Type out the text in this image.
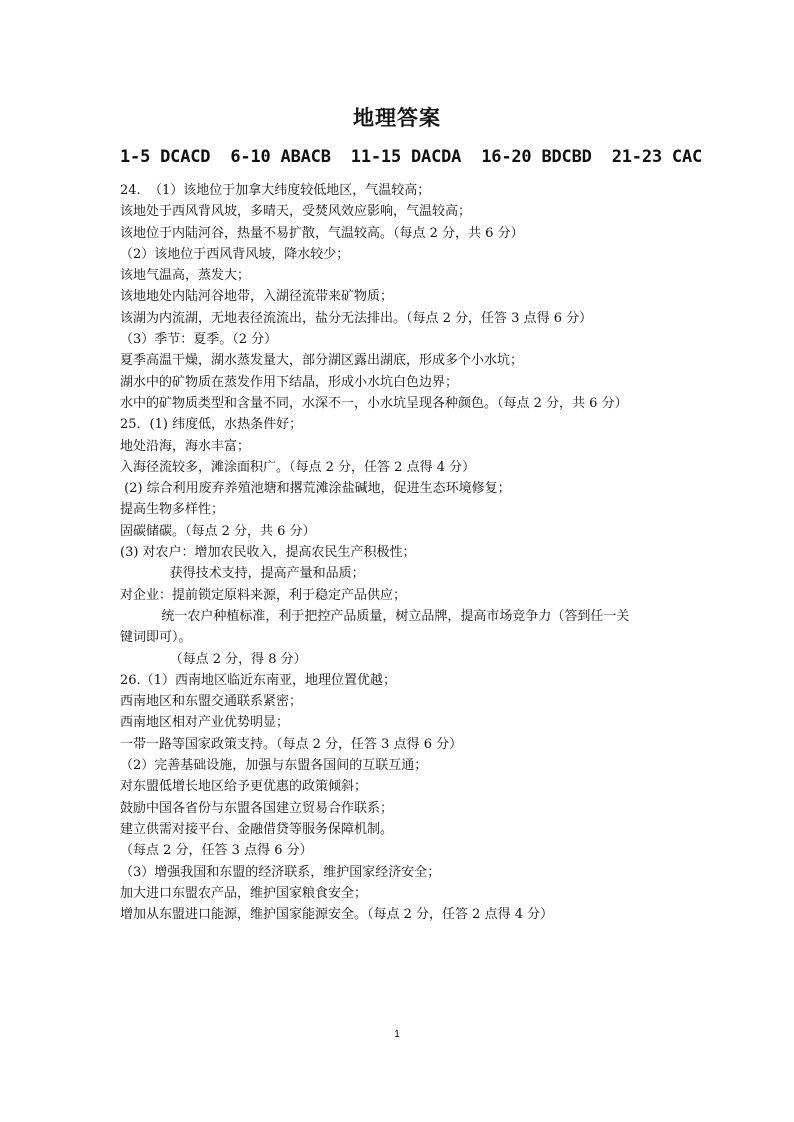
地理答案
1-5 DCACD  6-10 ABACB  11-15 DACDA  16-20 BDCBD  21-23 CAC
24.  （1）该地位于加拿大纬度较低地区，气温较高；
该地处于西风背风坡，多晴天，受焚风效应影响，气温较高；
该地位于内陆河谷，热量不易扩散，气温较高。（每点 2 分，共 6 分）
（2）该地位于西风背风坡，降水较少；
该地气温高，蒸发大；
该地地处内陆河谷地带，入湖径流带来矿物质；
该湖为内流湖，无地表径流流出，盐分无法排出。（每点 2 分，任答 3 点得 6 分）
（3）季节：夏季。（2 分）
夏季高温干燥，湖水蒸发量大，部分湖区露出湖底，形成多个小水坑；
湖水中的矿物质在蒸发作用下结晶，形成小水坑白色边界；
水中的矿物质类型和含量不同，水深不一，小水坑呈现各种颜色。（每点 2 分，共 6 分）
25．(1) 纬度低，水热条件好；
地处沿海，海水丰富；
入海径流较多，滩涂面积广。（每点 2 分，任答 2 点得 4 分）
(2) 综合利用废弃养殖池塘和撂荒滩涂盐碱地，促进生态环境修复；
提高生物多样性；
固碳储碳。（每点 2 分，共 6 分）
(3) 对农户：增加农民收入，提高农民生产积极性；
获得技术支持，提高产量和品质；
对企业：提前锁定原料来源，利于稳定产品供应；
统一农户种植标准，利于把控产品质量，树立品牌，提高市场竞争力（答到任一关
键词即可）。
（每点 2 分，得 8 分）
26.（1）西南地区临近东南亚，地理位置优越；
西南地区和东盟交通联系紧密；
西南地区相对产业优势明显；
一带一路等国家政策支持。（每点 2 分，任答 3 点得 6 分）
（2）完善基础设施，加强与东盟各国间的互联互通；
对东盟低增长地区给予更优惠的政策倾斜；
鼓励中国各省份与东盟各国建立贸易合作联系；
建立供需对接平台、金融借贷等服务保障机制。
（每点 2 分，任答 3 点得 6 分）
（3）增强我国和东盟的经济联系，维护国家经济安全；
加大进口东盟农产品，维护国家粮食安全；
增加从东盟进口能源，维护国家能源安全。（每点 2 分，任答 2 点得 4 分）
1
